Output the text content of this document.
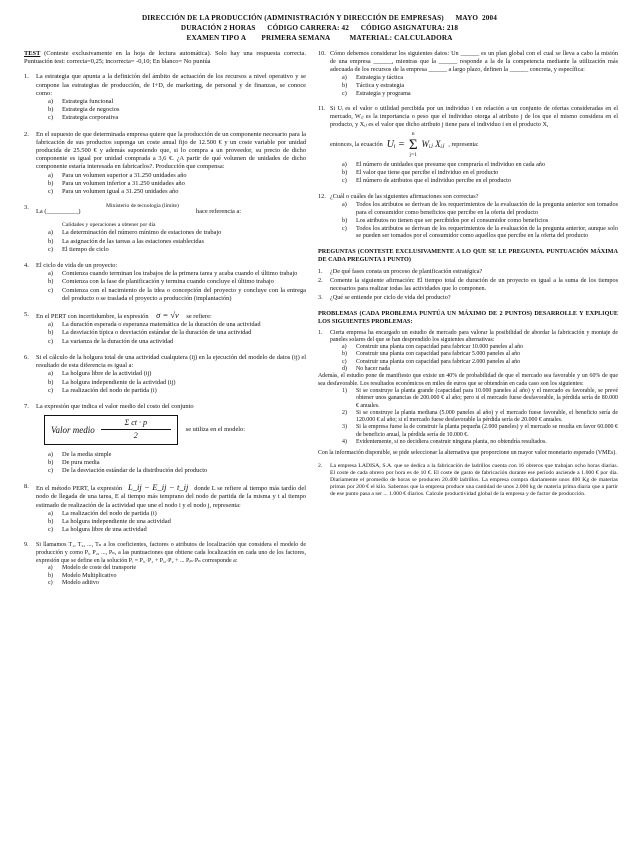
DIRECCIÓN DE LA PRODUCCIÓN (ADMINISTRACIÓN Y DIRECCIÓN DE EMPRESAS)      MAYO  2004
DURACIÓN 2 HORAS      CÓDIGO CARRERA: 42      CÓDIGO ASIGNATURA: 218
EXAMEN TIPO A        PRIMERA SEMANA          MATERIAL: CALCULADORA
TEST (Conteste exclusivamente en la hoja de lectura automática). Solo hay una respuesta correcta. Puntuación test: correcta=0,25; incorrecta= -0,10; En blanco= No puntúa
1. La estrategia que apunta a la definición del ámbito de actuación de los recursos a nivel operativo y se compone las estrategias de producción, de I+D, de marketing, de personal y de finanzas, se conoce como:
a) Estrategia funcional
b) Estrategia de negocios
c) Estrategia corporativa
2. En el supuesto de que determinada empresa quiere que la producción de un componente necesario para la fabricación de sus productos suponga un coste anual fijo de 12.500 € y un coste variable por unidad producida de 25.500 € y además suponiendo que, si lo compra a un proveedor, su precio de dicho componente es igual por unidad comprada a 3,6 €. ¿A partir de qué volumen de unidades de dicho componente estaría interesada en fabricarlos?. Producción que compensa:
a) Para un volumen superior a 31.250 unidades año
b) Para un volumen inferior a 31.250 unidades año
c) Para un volumen igual a 31.250 unidades año
3.
La (__________)
Ministerio de tecnología (límite)
hace referencia a:
Calidades y operaciones a obtener por día
a) La determinación del número mínimo de estaciones de trabajo
b) La asignación de las tareas a las estaciones establecidas
c) El tiempo de ciclo
4. El ciclo de vida de un proyecto:
a) Comienza cuando terminan los trabajos de la primera tarea y acaba cuando el último trabajo
b) Comienza con la fase de planificación y termina cuando concluye el último trabajo
c) Comienza con el nacimiento de la idea o concepción del proyecto y concluye con la entrega del producto o se traslada el proyecto a producción (implantación)
5. En el PERT con incertidumbre, la expresión σ = √v se refiere:
a) La duración esperada o esperanza matemática de la duración de una actividad
b) La desviación típica o desviación estándar de la duración de una actividad
c) La varianza de la duración de una actividad
6. Si el cálculo de la holgura total de una actividad cualquiera (ij) en la ejecución del modelo de datos (ij) el resultado de esta diferencia es igual a:
a) La holgura libre de la actividad (ij)
b) La holgura independiente de la actividad (ij)
c) La realización del nodo de partida (i)
7. La expresión que indica el valor medio del costo del conjunto
Valor medio $\frac{\text{Σ ct · p}}{2}$ se utiliza en el modelo:
a) De la media simple
b) De pura media
c) De la desviación estándar de la distribución del producto
8. En el método PERT, la expresión L_ij − E_ij − t_ij donde L se refiere al tiempo más tardío del nodo de llegada de una tarea, E al tiempo más temprano del nodo de partida de la misma y t al tiempo estimado de realización de la actividad que une el nodo i y el nodo j, representa:
a) La realización del nodo de partida (i)
b) La holgura independiente de una actividad
c) La holgura libre de una actividad
9. Si llamamos T₁, T₂, ..., Tₙ a los coeficientes, factores o atributos de localización que considera el modelo de producción y como Pᵢ, P₂, ..., Pₙ, a las puntuaciones que obtiene cada localización en cada uno de los factores, expresión que se define en la solución Pᵢ = Pᵢ₁·P₁ + Pᵢ₂·P₂ + ... Pᵢₙ·Pₙ corresponde a:
a) Modelo de coste del transporte
b) Modelo Multiplicativo
c) Modelo aditivo
10. Cómo debemos considerar los siguientes datos: Un ______ es un plan global con el cual se lleva a cabo la misión de una empresa ______, mientras que la ______ responde a la de la competencia mediante la utilización más adecuada de los recursos de la empresa ______ a largo plazo, definen la ______ concreta, y específica:
a) Estrategia y táctica
b) Táctica y estrategia
c) Estrategia y programa
11. Si Uᵢ es el valor o utilidad percibida por un individuo i en relación a un conjunto de ofertas consideradas en el mercado, Wᵢⱼ es la importancia o peso que el individuo otorga al atributo j de los que el mismo considera en el producto, y Xᵢⱼ es el valor que dicho atributo j tiene para el individuo i en el producto X,
entonces, la ecuación Uᵢ =
n
Σ
j=1
Wᵢⱼ Xᵢⱼ , representa:
a) El número de unidades que presume que compraría el individuo en cada año
b) El valor que tiene que percibe el individuo en el producto
c) El número de atributos que el individuo percibe en el producto
12. ¿Cuál o cuáles de las siguientes afirmaciones son correctas?
a) Todos los atributos se derivan de los requerimientos de la evaluación de la pregunta anterior son tomados para el consumidor como beneficios que percibe en la oferta del producto
b) Los atributos no tienen que ser percibidos por el consumidor como beneficios
c) Todos los atributos se derivan de los requerimientos de la evaluación de la pregunta anterior, aunque solo se pueden ser tomados por el consumidor como aquellos que percibe en la oferta del producto
PREGUNTAS (CONTESTE EXCLUSIVAMENTE A LO QUE SE LE PREGUNTA. PUNTUACIÓN MÁXIMA DE CADA PREGUNTA 1 PUNTO)
1. ¿De qué fases consta un proceso de planificación estratégica?
2. Comente la siguiente afirmación: El tiempo total de duración de un proyecto es igual a la suma de los tiempos necesarios para realizar todas las actividades que lo componen.
3. ¿Qué se entiende por ciclo de vida del producto?
PROBLEMAS (CADA PROBLEMA PUNTÚA UN MÁXIMO DE 2 PUNTOS) DESARROLLE Y EXPLIQUE LOS SIGUIENTES PROBLEMAS:
1. Cierta empresa ha encargado un estudio de mercado para valorar la posibilidad de abordar la fabricación y montaje de paneles solares del que se han desprendido los siguientes alternativas:
a) Construir una planta con capacidad para fabricar 10.000 paneles al año
b) Construir una planta con capacidad para fabricar 5.000 paneles al año
c) Construir una planta con capacidad para fabricar 2.000 paneles al año
d) No hacer nada
Además, el estudio pone de manifiesto que existe un 40% de probabilidad de que el mercado sea favorable y un 60% de que sea desfavorable. Los resultados económicos en miles de euros que se obtendrán en cada caso son los siguientes:
1) Si se construye la planta grande (capacidad para 10.000 paneles al año) y el mercado es favorable, se prevé obtener unos ganancias de 200.000 € al año; pero si el mercado fuese desfavorable, la pérdida sería de 80.000 € anuales.
2) Si se construye la planta mediana (5.000 paneles al año) y el mercado fuese favorable, el beneficio sería de 120.000 € al año; si el mercado fuese desfavorable la pérdida sería de 20.000 € anuales.
3) Si la empresa fuese la de construir la planta pequeña (2.000 paneles) y el mercado se resulta en favor 60.000 € de beneficio anual, la pérdida sería de 10.000 €.
4) Evidentemente, si no decidiera construir ninguna planta, no obtendría resultados.
Con la información disponible, se pide seleccionar la alternativa que proporcione un mayor valor monetario esperado (VMEs).
2. La empresa LADISA, S.A. que se dedica a la fabricación de ladrillos cuenta con 16 obreros que trabajan ocho horas diarias. El coste de cada obrero por hora es de 10 €. El coste de gasto de fabricación durante ese período asciende a 1.000 € por día. Diariamente el promedio de horas se producen 20.400 ladrillos. La empresa compra diariamente unos 400 Kg de materias primas por 200 € el kilo. Sabemos que la empresa produce una cantidad de unos 2.000 kg de materia prima diaria que a partir de ese punto pasa a ser ... 1.000 € diarios. Calcule productividad global de la empresa y de factor de producción.
